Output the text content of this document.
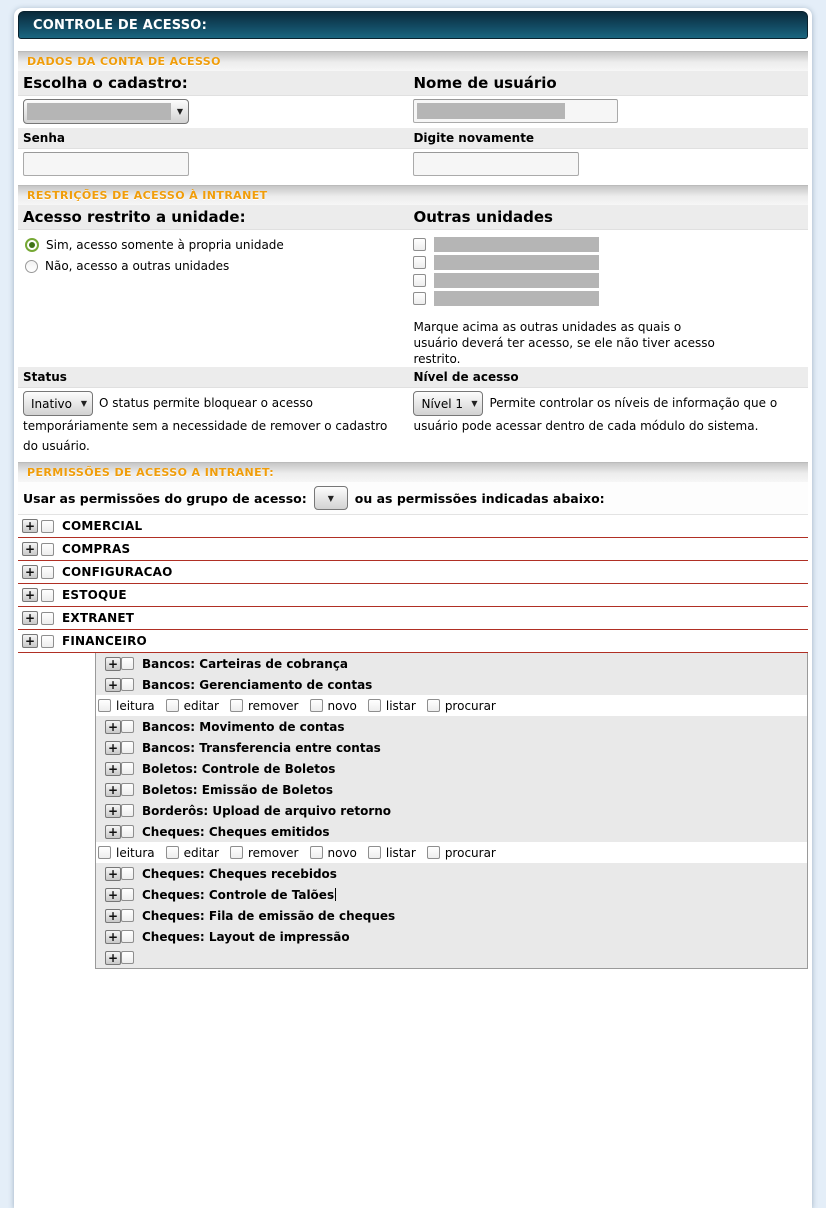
CONTROLE DE ACESSO:
DADOS DA CONTA DE ACESSO
Escolha o cadastro:	Nome de usuário
▼
Senha	Digite novamente
RESTRIÇÕES DE ACESSO À INTRANET
Acesso restrito a unidade:	Outras unidades
Sim, acesso somente à propria unidade
Não, acesso a outras unidades
Marque acima as outras unidades as quais o usuário deverá ter acesso, se ele não tiver acesso restrito.
Status	Nível de acesso
Inativo	▼ O status permite bloquear o acesso temporáriamente sem a necessidade de remover o cadastro do usuário.
Nível 1	▼ Permite controlar os níveis de informação que o usuário pode acessar dentro de cada módulo do sistema.
PERMISSÕES DE ACESSO A INTRANET:
Usar as permissões do grupo de acesso:	▼ ou as permissões indicadas abaixo:
+ COMERCIAL
+ COMPRAS
+ CONFIGURACAO
+ ESTOQUE
+ EXTRANET
+ FINANCEIRO
+ Bancos: Carteiras de cobrança
+ Bancos: Gerenciamento de contas
leitura editar remover novo listar procurar
+ Bancos: Movimento de contas
+ Bancos: Transferencia entre contas
+ Boletos: Controle de Boletos
+ Boletos: Emissão de Boletos
+ Borderôs: Upload de arquivo retorno
+ Cheques: Cheques emitidos
leitura editar remover novo listar procurar
+ Cheques: Cheques recebidos
+ Cheques: Controle de Talões
+ Cheques: Fila de emissão de cheques
+ Cheques: Layout de impressão
+
